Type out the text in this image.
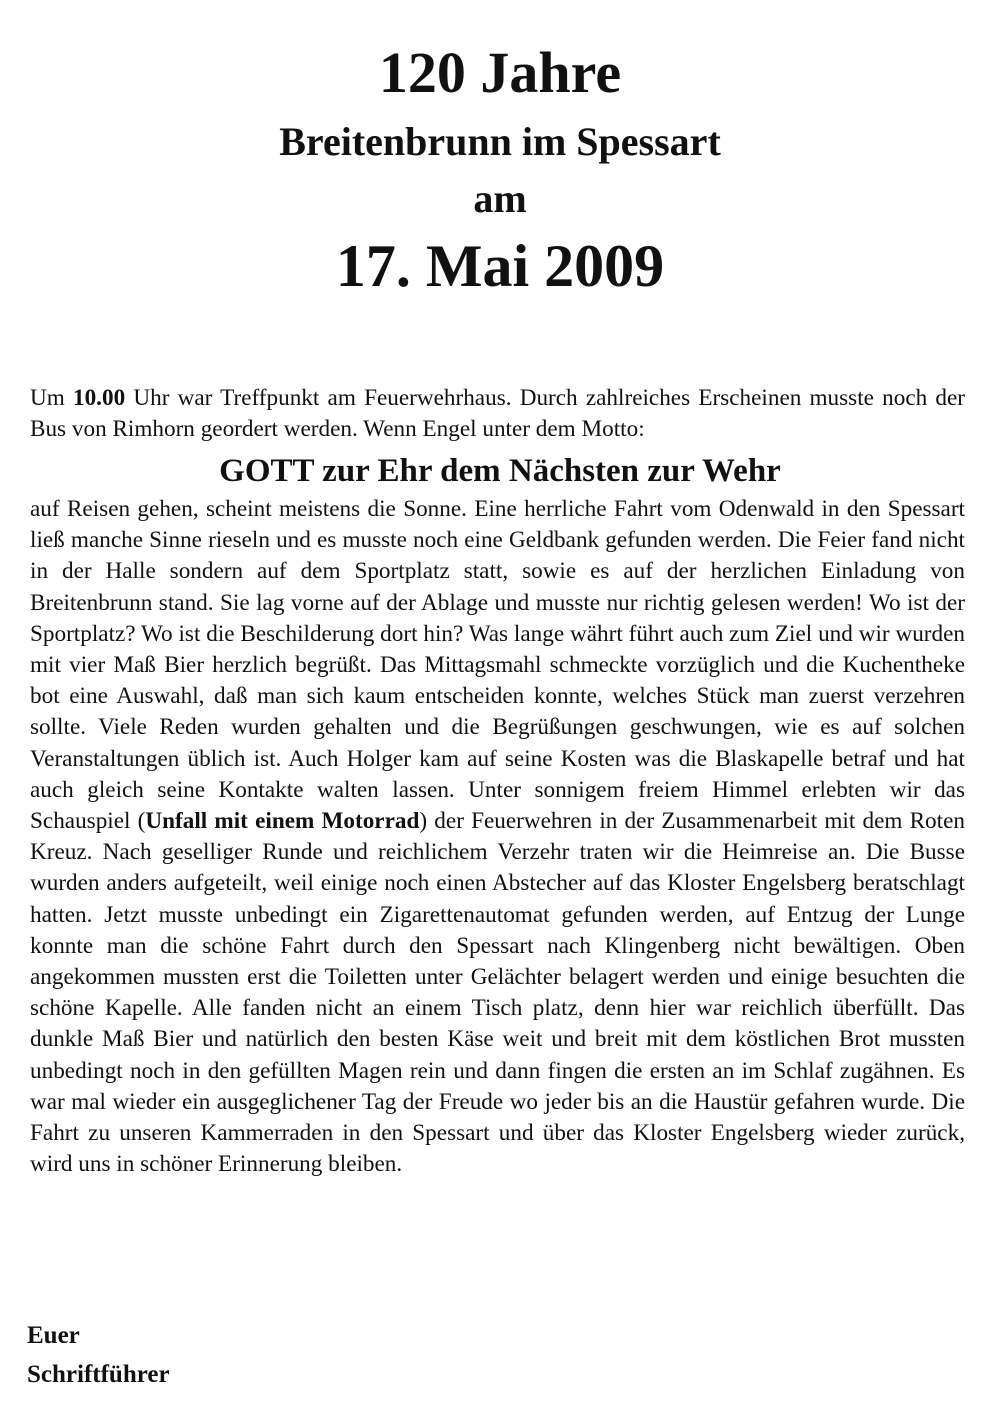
120 Jahre
Breitenbrunn im Spessart
am
17. Mai 2009

Um 10.00 Uhr war Treffpunkt am Feuerwehrhaus. Durch zahlreiches Erscheinen musste noch der Bus von Rimhorn geordert werden. Wenn Engel unter dem Motto:

GOTT zur Ehr dem Nächsten zur Wehr

auf Reisen gehen, scheint meistens die Sonne. Eine herrliche Fahrt vom Odenwald in den Spessart ließ manche Sinne rieseln und es musste noch eine Geldbank gefunden werden. Die Feier fand nicht in der Halle sondern auf dem Sportplatz statt, sowie es auf der herzlichen Einladung von Breitenbrunn stand. Sie lag vorne auf der Ablage und musste nur richtig gelesen werden! Wo ist der Sportplatz? Wo ist die Beschilderung dort hin? Was lange währt führt auch zum Ziel und wir wurden mit vier Maß Bier herzlich begrüßt. Das Mittagsmahl schmeckte vorzüglich und die Kuchentheke bot eine Auswahl, daß man sich kaum entscheiden konnte, welches Stück man zuerst verzehren sollte. Viele Reden wurden gehalten und die Begrüßungen geschwungen, wie es auf solchen Veranstaltungen üblich ist. Auch Holger kam auf seine Kosten was die Blaskapelle betraf und hat auch gleich seine Kontakte walten lassen. Unter sonnigem freiem Himmel erlebten wir das Schauspiel (Unfall mit einem Motorrad) der Feuerwehren in der Zusammenarbeit mit dem Roten Kreuz. Nach geselliger Runde und reichlichem Verzehr traten wir die Heimreise an. Die Busse wurden anders aufgeteilt, weil einige noch einen Abstecher auf das Kloster Engelsberg beratschlagt hatten. Jetzt musste unbedingt ein Zigarettenautomat gefunden werden, auf Entzug der Lunge konnte man die schöne Fahrt durch den Spessart nach Klingenberg nicht bewältigen. Oben angekommen mussten erst die Toiletten unter Gelächter belagert werden und einige besuchten die schöne Kapelle. Alle fanden nicht an einem Tisch platz, denn hier war reichlich überfüllt. Das dunkle Maß Bier und natürlich den besten Käse weit und breit mit dem köstlichen Brot mussten unbedingt noch in den gefüllten Magen rein und dann fingen die ersten an im Schlaf zugähnen. Es war mal wieder ein ausgeglichener Tag der Freude wo jeder bis an die Haustür gefahren wurde. Die Fahrt zu unseren Kammerraden in den Spessart und über das Kloster Engelsberg wieder zurück, wird uns in schöner Erinnerung bleiben.

Euer
Schriftführer
